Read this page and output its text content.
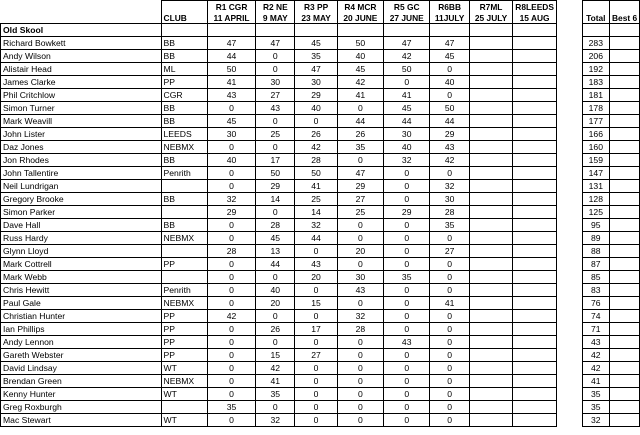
		R1 CGR	R2 NE	R3 PP	R4 MCR	R5 GC	R6BB	R7ML	R8LEEDS			
	CLUB	11 APRIL	9 MAY	23 MAY	20 JUNE	27 JUNE	11JULY	25 JULY	15 AUG		Total	Best 6
Old Skool												
Richard Bowkett	BB	47	47	45	50	47	47				283	
Andy Wilson	BB	44	0	35	40	42	45				206	
Alistair Head	ML	50	0	47	45	50	0				192	
James Clarke	PP	41	30	30	42	0	40				183	
Phil Critchlow	CGR	43	27	29	41	41	0				181	
Simon Turner	BB	0	43	40	0	45	50				178	
Mark Weavill	BB	45	0	0	44	44	44				177	
John Lister	LEEDS	30	25	26	26	30	29				166	
Daz Jones	NEBMX	0	0	42	35	40	43				160	
Jon Rhodes	BB	40	17	28	0	32	42				159	
John Tallentire	Penrith	0	50	50	47	0	0				147	
Neil Lundrigan		0	29	41	29	0	32				131	
Gregory Brooke	BB	32	14	25	27	0	30				128	
Simon Parker		29	0	14	25	29	28				125	
Dave Hall	BB	0	28	32	0	0	35				95	
Russ Hardy	NEBMX	0	45	44	0	0	0				89	
Glynn Lloyd		28	13	0	20	0	27				88	
Mark Cottrell	PP	0	44	43	0	0	0				87	
Mark Webb		0	0	20	30	35	0				85	
Chris Hewitt	Penrith	0	40	0	43	0	0				83	
Paul Gale	NEBMX	0	20	15	0	0	41				76	
Christian Hunter	PP	42	0	0	32	0	0				74	
Ian Phillips	PP	0	26	17	28	0	0				71	
Andy Lennon	PP	0	0	0	0	43	0				43	
Gareth Webster	PP	0	15	27	0	0	0				42	
David Lindsay	WT	0	42	0	0	0	0				42	
Brendan Green	NEBMX	0	41	0	0	0	0				41	
Kenny Hunter	WT	0	35	0	0	0	0				35	
Greg Roxburgh		35	0	0	0	0	0				35	
Mac Stewart	WT	0	32	0	0	0	0				32	
